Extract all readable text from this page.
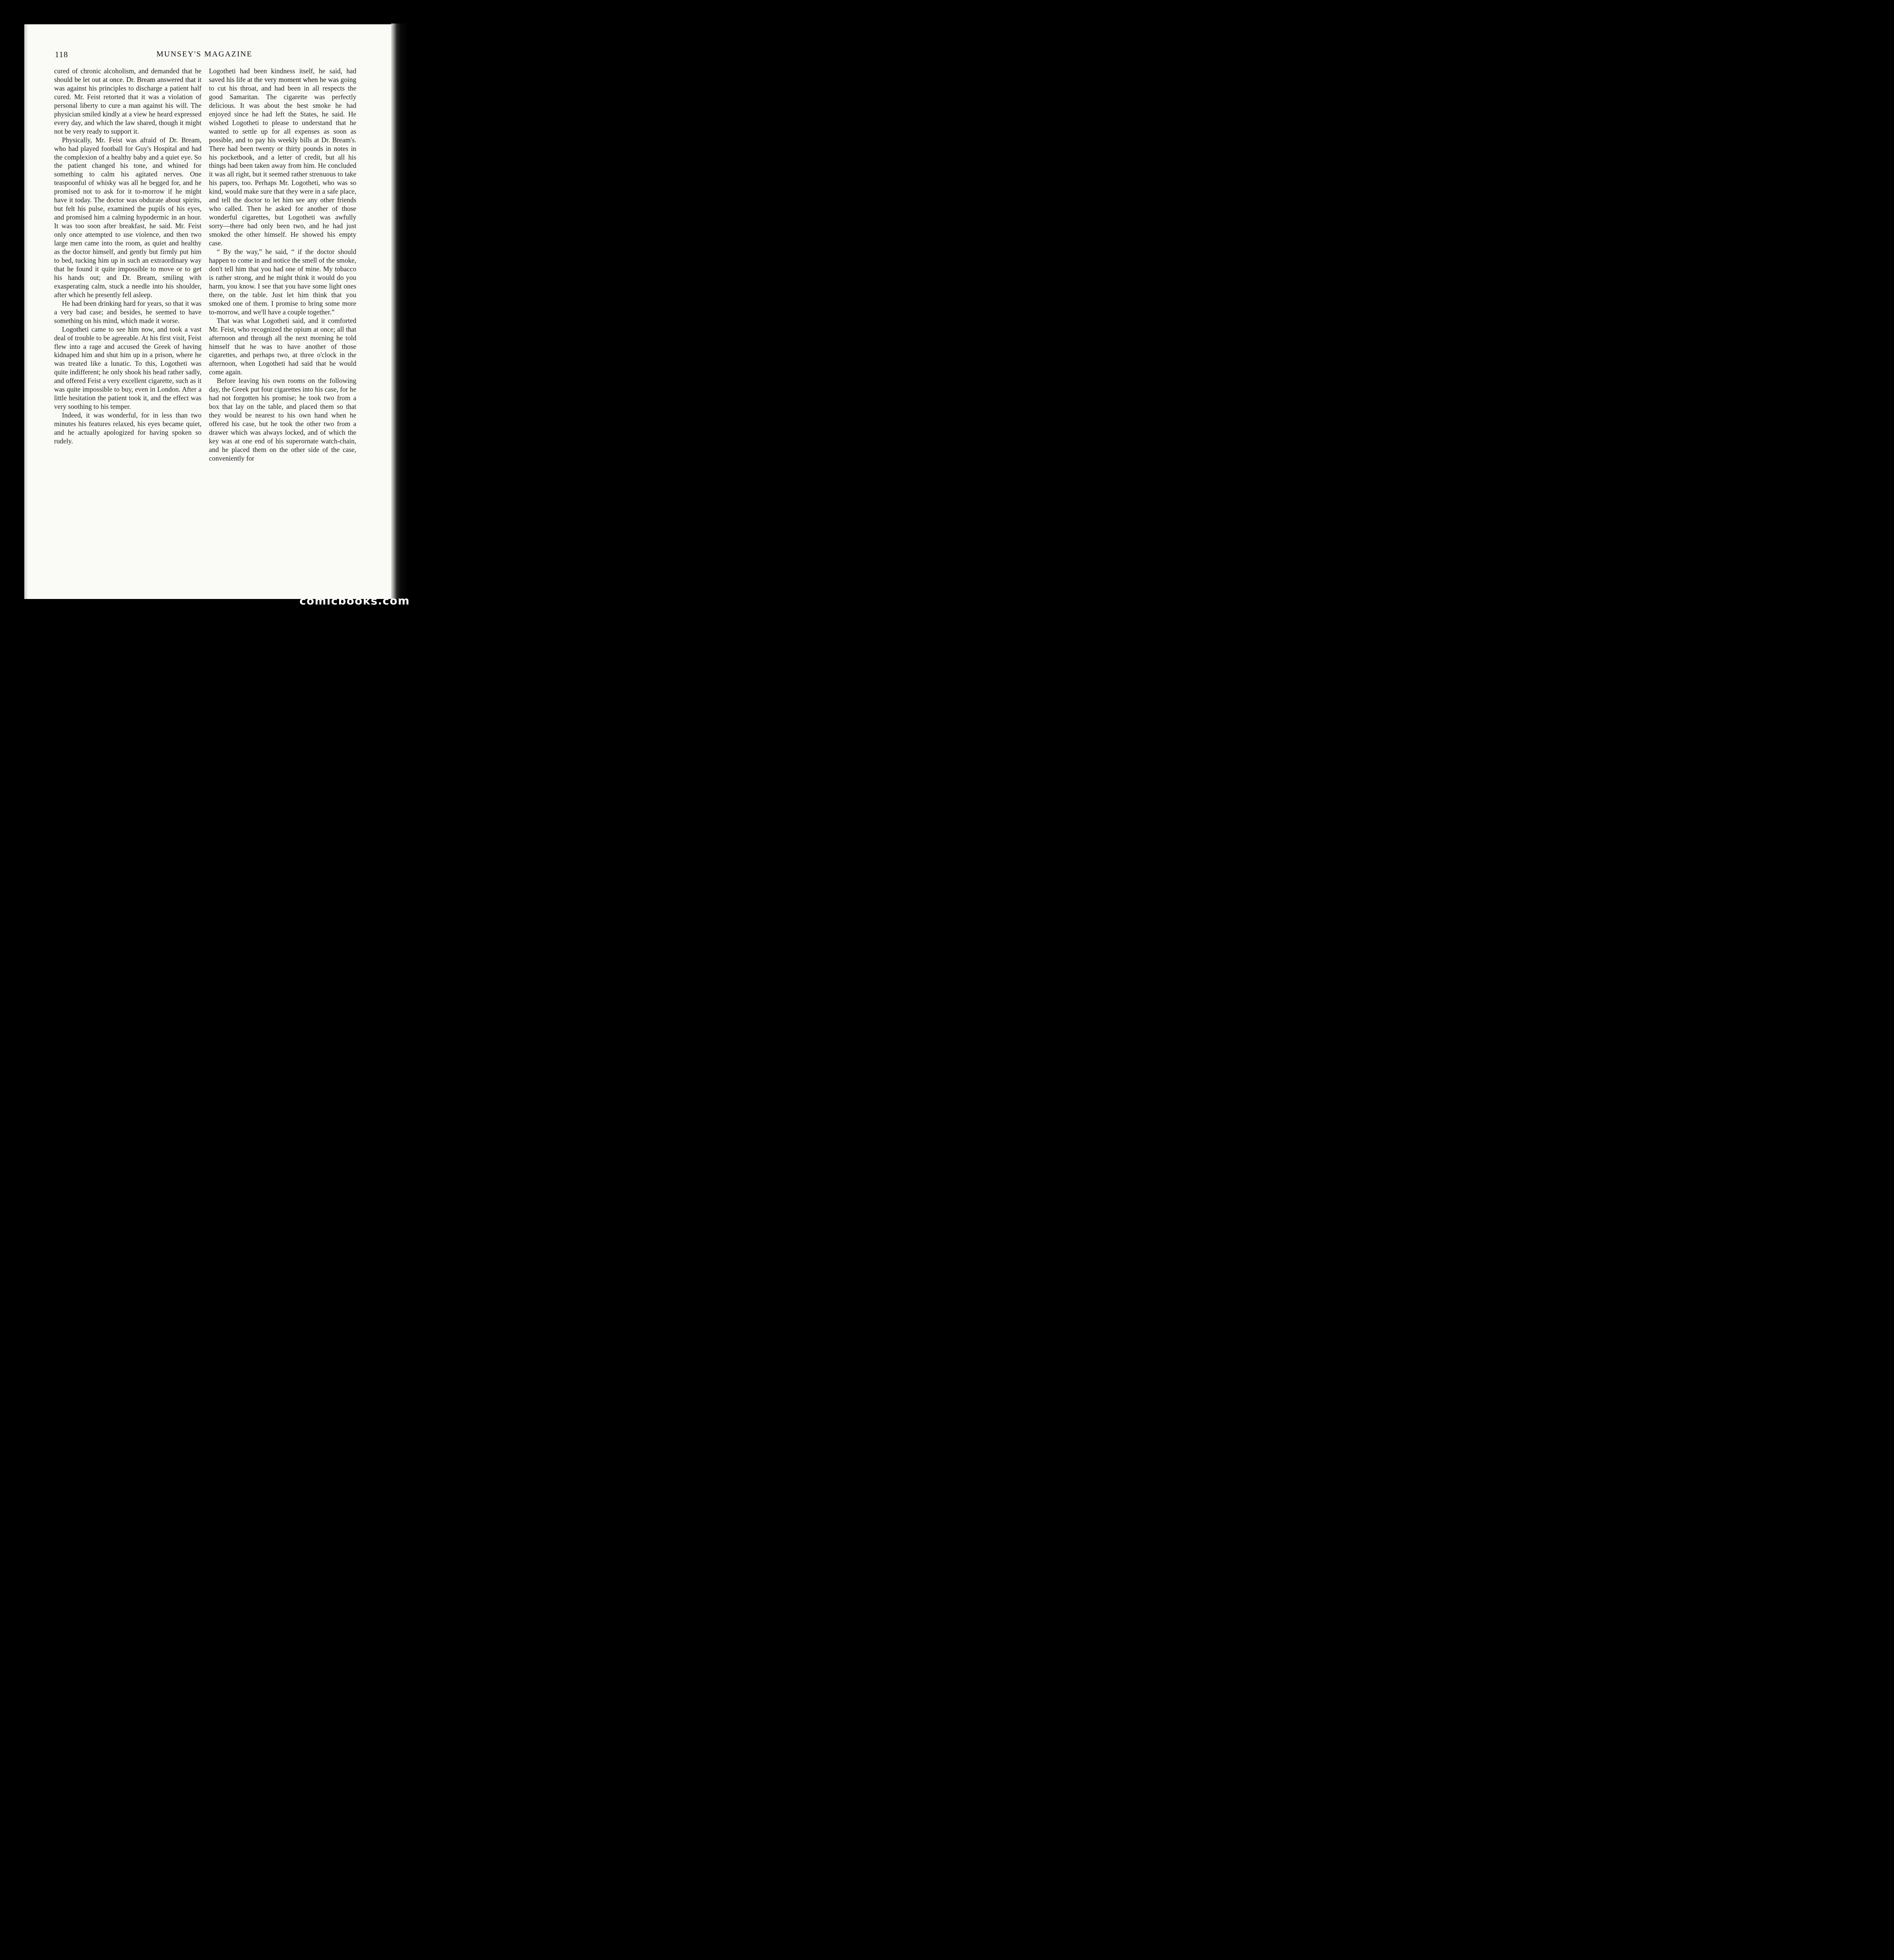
118	MUNSEY'S MAGAZINE

cured of chronic alcoholism, and demanded that he should be let out at once. Dr. Bream answered that it was against his principles to discharge a patient half cured. Mr. Feist retorted that it was a violation of personal liberty to cure a man against his will. The physician smiled kindly at a view he heard expressed every day, and which the law shared, though it might not be very ready to support it.

Physically, Mr. Feist was afraid of Dr. Bream, who had played football for Guy's Hospital and had the complexion of a healthy baby and a quiet eye. So the patient changed his tone, and whined for something to calm his agitated nerves. One teaspoonful of whisky was all he begged for, and he promised not to ask for it to-morrow if he might have it today. The doctor was obdurate about spirits, but felt his pulse, examined the pupils of his eyes, and promised him a calming hypodermic in an hour. It was too soon after breakfast, he said. Mr. Feist only once attempted to use violence, and then two large men came into the room, as quiet and healthy as the doctor himself, and gently but firmly put him to bed, tucking him up in such an extraordinary way that he found it quite impossible to move or to get his hands out; and Dr. Bream, smiling with exasperating calm, stuck a needle into his shoulder, after which he presently fell asleep.

He had been drinking hard for years, so that it was a very bad case; and besides, he seemed to have something on his mind, which made it worse.

Logotheti came to see him now, and took a vast deal of trouble to be agreeable. At his first visit, Feist flew into a rage and accused the Greek of having kidnaped him and shut him up in a prison, where he was treated like a lunatic. To this, Logotheti was quite indifferent; he only shook his head rather sadly, and offered Feist a very excellent cigarette, such as it was quite impossible to buy, even in London. After a little hesitation the patient took it, and the effect was very soothing to his temper.

Indeed, it was wonderful, for in less than two minutes his features relaxed, his eyes became quiet, and he actually apologized for having spoken so rudely.

Logotheti had been kindness itself, he said, had saved his life at the very moment when he was going to cut his throat, and had been in all respects the good Samaritan. The cigarette was perfectly delicious. It was about the best smoke he had enjoyed since he had left the States, he said. He wished Logotheti to please to understand that he wanted to settle up for all expenses as soon as possible, and to pay his weekly bills at Dr. Bream's. There had been twenty or thirty pounds in notes in his pocketbook, and a letter of credit, but all his things had been taken away from him. He concluded it was all right, but it seemed rather strenuous to take his papers, too. Perhaps Mr. Logotheti, who was so kind, would make sure that they were in a safe place, and tell the doctor to let him see any other friends who called. Then he asked for another of those wonderful cigarettes, but Logotheti was awfully sorry—there had only been two, and he had just smoked the other himself. He showed his empty case.

“ By the way,” he said, “ if the doctor should happen to come in and notice the smell of the smoke, don't tell him that you had one of mine. My tobacco is rather strong, and he might think it would do you harm, you know. I see that you have some light ones there, on the table. Just let him think that you smoked one of them. I promise to bring some more to-morrow, and we'll have a couple together.”

That was what Logotheti said, and it comforted Mr. Feist, who recognized the opium at once; all that afternoon and through all the next morning he told himself that he was to have another of those cigarettes, and perhaps two, at three o'clock in the afternoon, when Logotheti had said that he would come again.

Before leaving his own rooms on the following day, the Greek put four cigarettes into his case, for he had not forgotten his promise; he took two from a box that lay on the table, and placed them so that they would be nearest to his own hand when he offered his case, but he took the other two from a drawer which was always locked, and of which the key was at one end of his superornate watch-chain, and he placed them on the other side of the case, conveniently for

comicbooks.com
